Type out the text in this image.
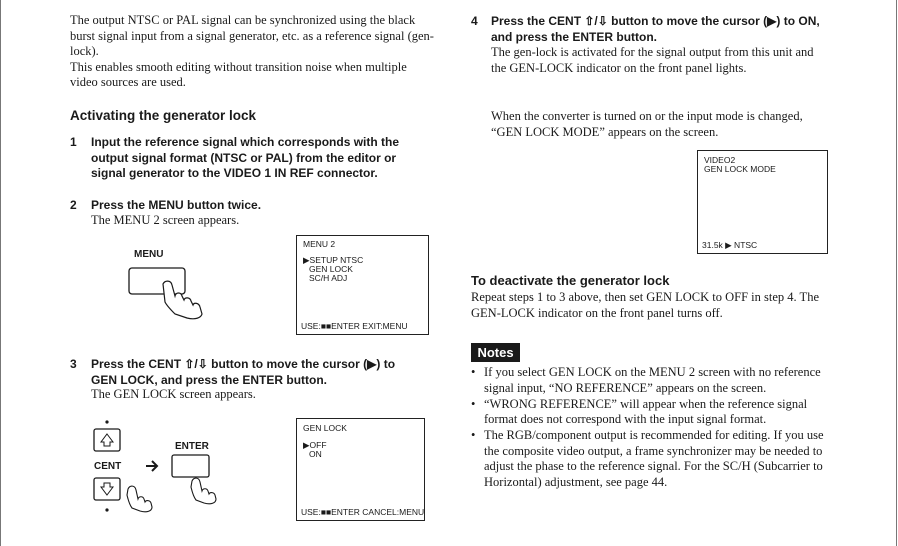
The output NTSC or PAL signal can be synchronized using the black burst signal input from a signal generator, etc. as a reference signal (gen-lock).
This enables smooth editing without transition noise when multiple video sources are used.
Activating the generator lock
1 Input the reference signal which corresponds with the output signal format (NTSC or PAL) from the editor or signal generator to the VIDEO 1 IN REF connector.
2 Press the MENU button twice.
The MENU 2 screen appears.
MENU
MENU 2
▶SETUP NTSC
GEN LOCK
SC/H ADJ
USE:■■ENTER EXIT:MENU
3 Press the CENT ⇧/⇩ button to move the cursor (▶) to GEN LOCK, and press the ENTER button.
The GEN LOCK screen appears.
CENT
ENTER
GEN LOCK
▶OFF
ON
USE:■■ENTER CANCEL:MENU
4 Press the CENT ⇧/⇩ button to move the cursor (▶) to ON, and press the ENTER button.
The gen-lock is activated for the signal output from this unit and the GEN-LOCK indicator on the front panel lights.
When the converter is turned on or the input mode is changed, “GEN LOCK MODE” appears on the screen.
VIDEO2
GEN LOCK MODE
31.5k ▶ NTSC
To deactivate the generator lock
Repeat steps 1 to 3 above, then set GEN LOCK to OFF in step 4. The GEN-LOCK indicator on the front panel turns off.
Notes
• If you select GEN LOCK on the MENU 2 screen with no reference signal input, “NO REFERENCE” appears on the screen.
• “WRONG REFERENCE” will appear when the reference signal format does not correspond with the input signal format.
• The RGB/component output is recommended for editing. If you use the composite video output, a frame synchronizer may be needed to adjust the phase to the reference signal. For the SC/H (Subcarrier to Horizontal) adjustment, see page 44.
